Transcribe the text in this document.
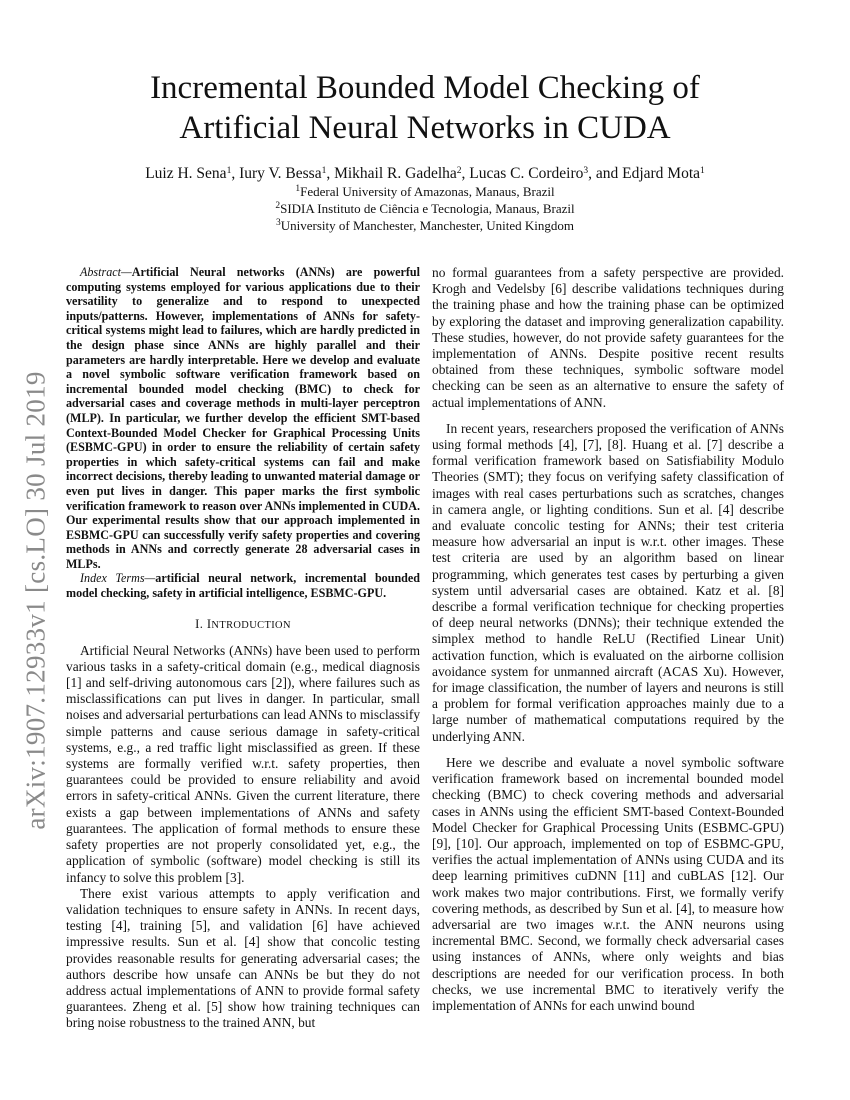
arXiv:1907.12933v1 [cs.LO] 30 Jul 2019
Incremental Bounded Model Checking of
Artificial Neural Networks in CUDA
Luiz H. Sena$^1$, Iury V. Bessa$^1$, Mikhail R. Gadelha$^2$, Lucas C. Cordeiro$^3$, and Edjard Mota$^1$
$^1$Federal University of Amazonas, Manaus, Brazil
$^2$SIDIA Instituto de Ciência e Tecnologia, Manaus, Brazil
$^3$University of Manchester, Manchester, United Kingdom

Abstract—Artificial Neural networks (ANNs) are powerful computing systems employed for various applications due to their versatility to generalize and to respond to unexpected inputs/patterns. However, implementations of ANNs for safety-critical systems might lead to failures, which are hardly predicted in the design phase since ANNs are highly parallel and their parameters are hardly interpretable. Here we develop and evaluate a novel symbolic software verification framework based on incremental bounded model checking (BMC) to check for adversarial cases and coverage methods in multi-layer perceptron (MLP). In particular, we further develop the efficient SMT-based Context-Bounded Model Checker for Graphical Processing Units (ESBMC-GPU) in order to ensure the reliability of certain safety properties in which safety-critical systems can fail and make incorrect decisions, thereby leading to unwanted material damage or even put lives in danger. This paper marks the first symbolic verification framework to reason over ANNs implemented in CUDA. Our experimental results show that our approach implemented in ESBMC-GPU can successfully verify safety properties and covering methods in ANNs and correctly generate 28 adversarial cases in MLPs.

Index Terms—artificial neural network, incremental bounded model checking, safety in artificial intelligence, ESBMC-GPU.

I. INTRODUCTION

Artificial Neural Networks (ANNs) have been used to perform various tasks in a safety-critical domain (e.g., medical diagnosis [1] and self-driving autonomous cars [2]), where failures such as misclassifications can put lives in danger. In particular, small noises and adversarial perturbations can lead ANNs to misclassify simple patterns and cause serious damage in safety-critical systems, e.g., a red traffic light misclassified as green. If these systems are formally verified w.r.t. safety properties, then guarantees could be provided to ensure reliability and avoid errors in safety-critical ANNs. Given the current literature, there exists a gap between implementations of ANNs and safety guarantees. The application of formal methods to ensure these safety properties are not properly consolidated yet, e.g., the application of symbolic (software) model checking is still its infancy to solve this problem [3].

There exist various attempts to apply verification and validation techniques to ensure safety in ANNs. In recent days, testing [4], training [5], and validation [6] have achieved impressive results. Sun et al. [4] show that concolic testing provides reasonable results for generating adversarial cases; the authors describe how unsafe can ANNs be but they do not address actual implementations of ANN to provide formal safety guarantees. Zheng et al. [5] show how training techniques can bring noise robustness to the trained ANN, but

no formal guarantees from a safety perspective are provided. Krogh and Vedelsby [6] describe validations techniques during the training phase and how the training phase can be optimized by exploring the dataset and improving generalization capability. These studies, however, do not provide safety guarantees for the implementation of ANNs. Despite positive recent results obtained from these techniques, symbolic software model checking can be seen as an alternative to ensure the safety of actual implementations of ANN.

In recent years, researchers proposed the verification of ANNs using formal methods [4], [7], [8]. Huang et al. [7] describe a formal verification framework based on Satisfiability Modulo Theories (SMT); they focus on verifying safety classification of images with real cases perturbations such as scratches, changes in camera angle, or lighting conditions. Sun et al. [4] describe and evaluate concolic testing for ANNs; their test criteria measure how adversarial an input is w.r.t. other images. These test criteria are used by an algorithm based on linear programming, which generates test cases by perturbing a given system until adversarial cases are obtained. Katz et al. [8] describe a formal verification technique for checking properties of deep neural networks (DNNs); their technique extended the simplex method to handle ReLU (Rectified Linear Unit) activation function, which is evaluated on the airborne collision avoidance system for unmanned aircraft (ACAS Xu). However, for image classification, the number of layers and neurons is still a problem for formal verification approaches mainly due to a large number of mathematical computations required by the underlying ANN.

Here we describe and evaluate a novel symbolic software verification framework based on incremental bounded model checking (BMC) to check covering methods and adversarial cases in ANNs using the efficient SMT-based Context-Bounded Model Checker for Graphical Processing Units (ESBMC-GPU) [9], [10]. Our approach, implemented on top of ESBMC-GPU, verifies the actual implementation of ANNs using CUDA and its deep learning primitives cuDNN [11] and cuBLAS [12]. Our work makes two major contributions. First, we formally verify covering methods, as described by Sun et al. [4], to measure how adversarial are two images w.r.t. the ANN neurons using incremental BMC. Second, we formally check adversarial cases using instances of ANNs, where only weights and bias descriptions are needed for our verification process. In both checks, we use incremental BMC to iteratively verify the implementation of ANNs for each unwind bound
